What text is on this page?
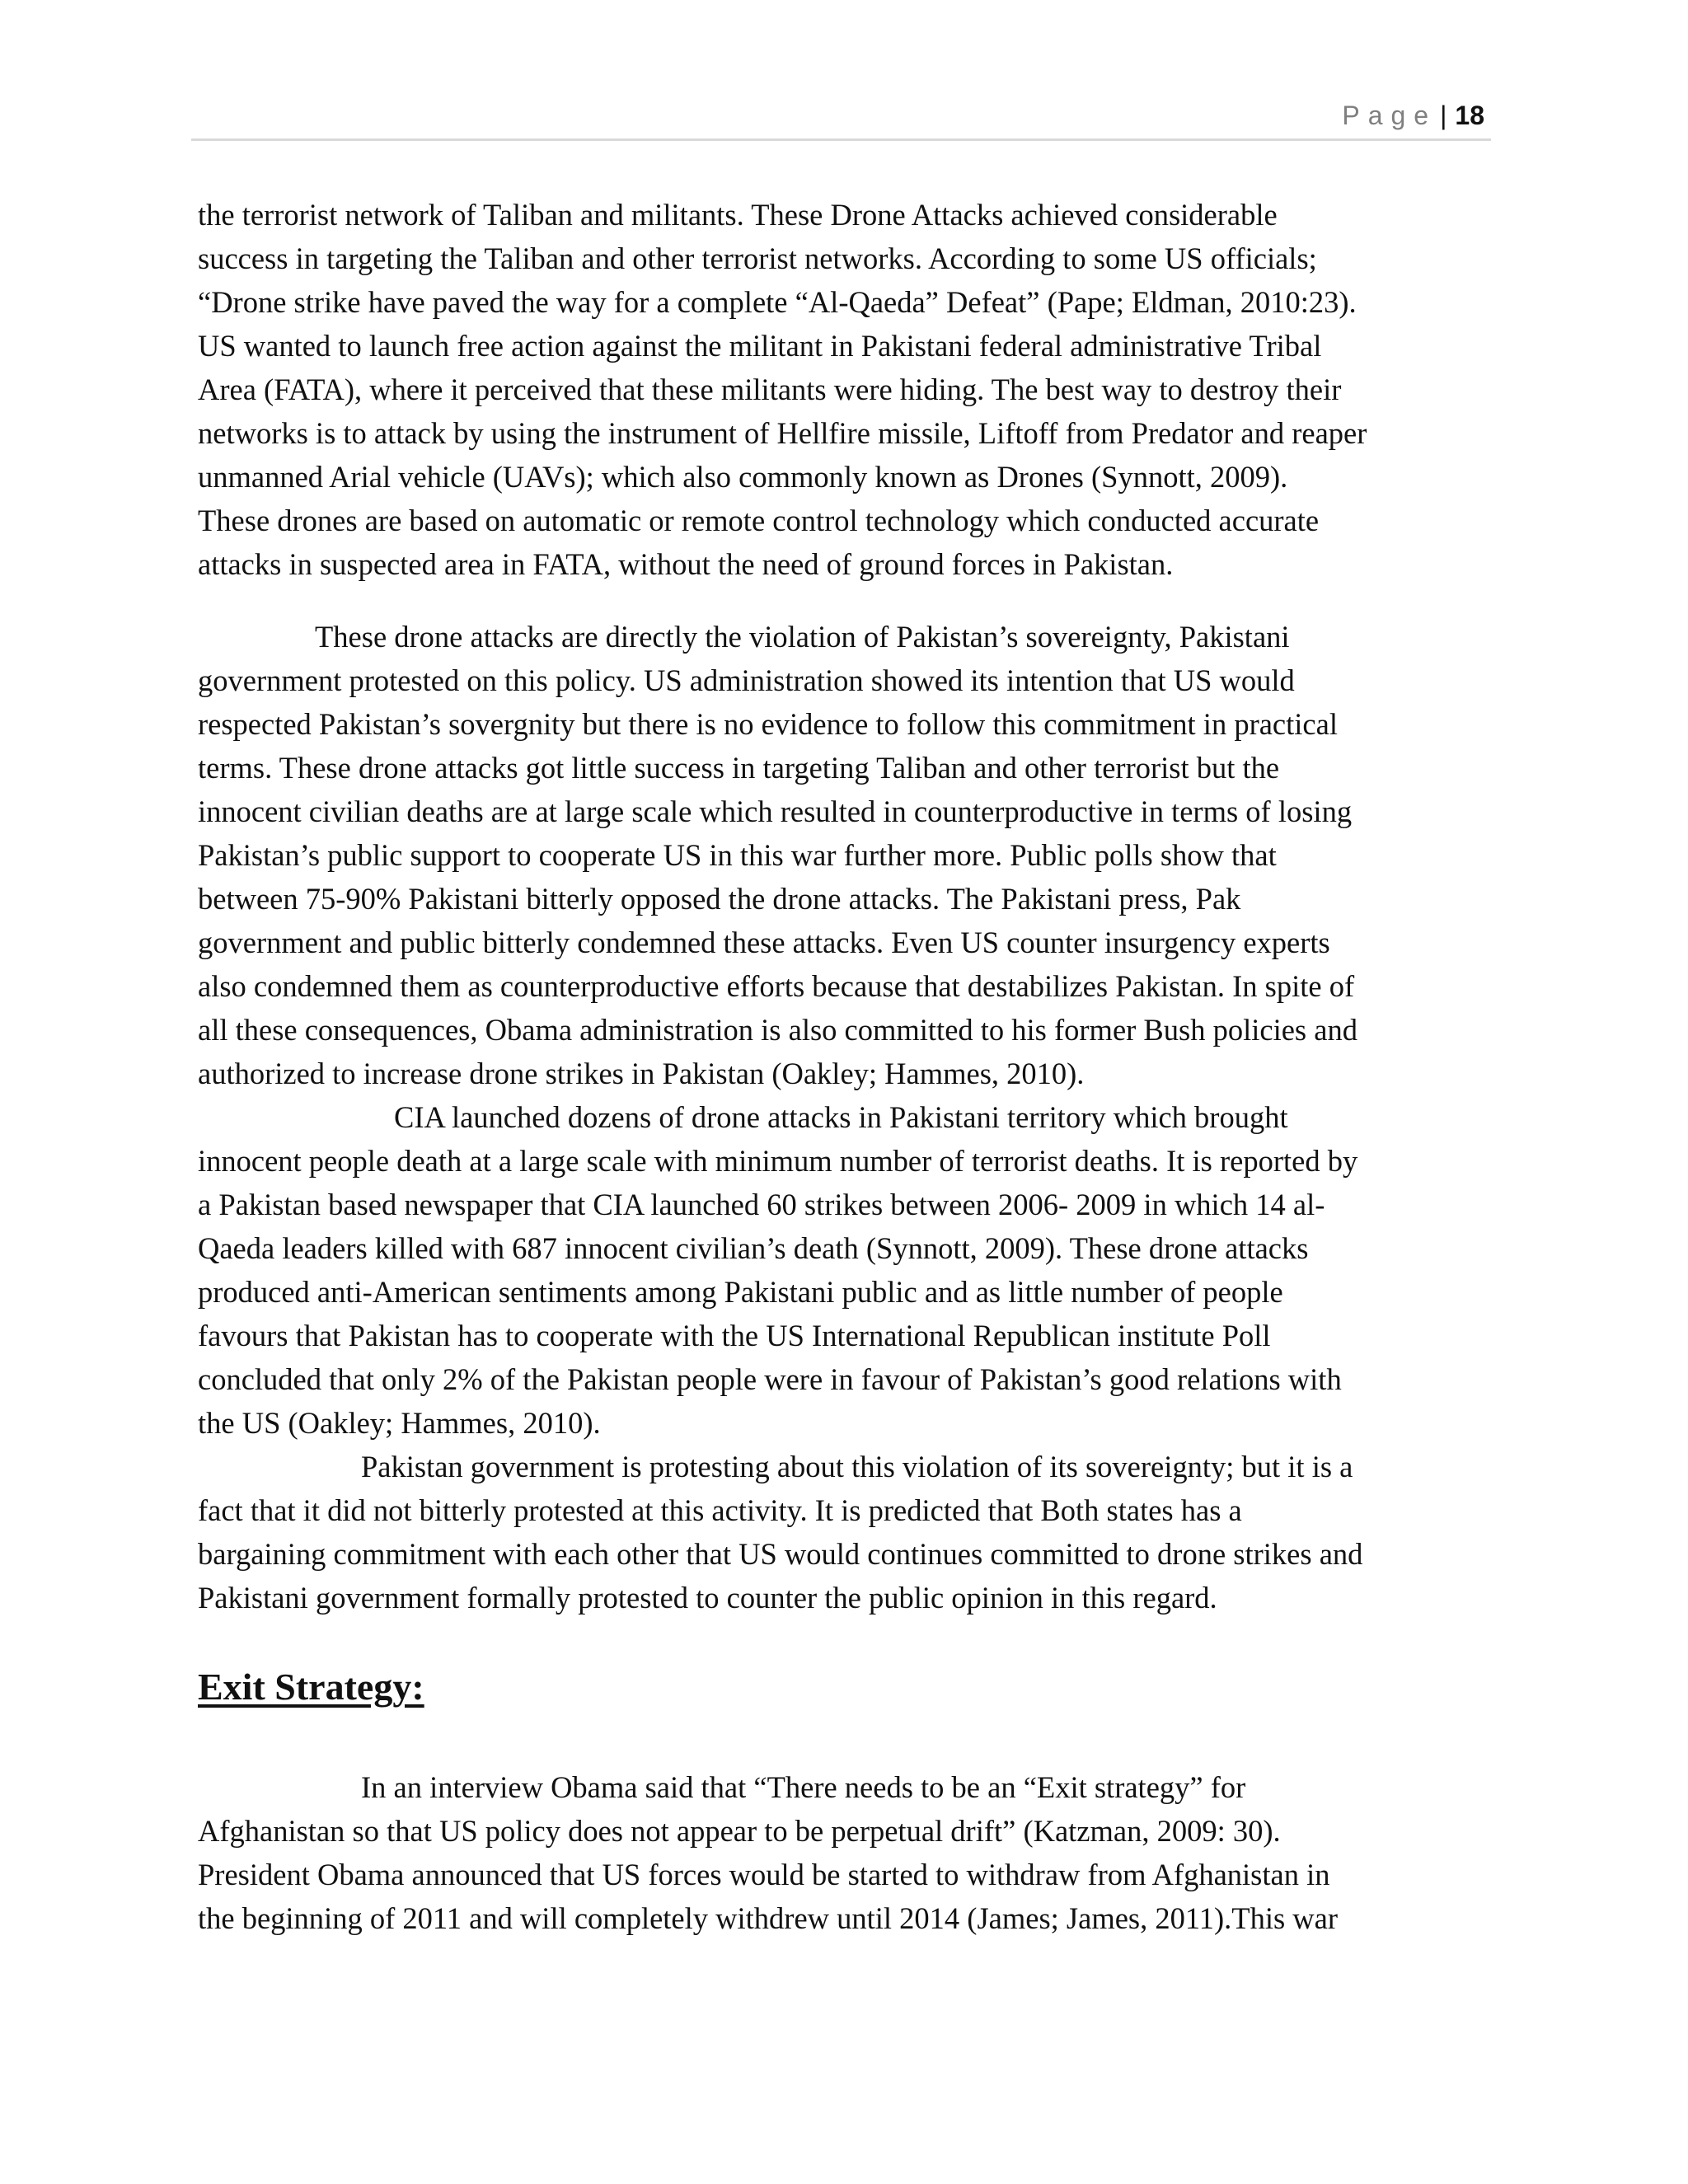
Page | 18
the terrorist network of Taliban and militants. These Drone Attacks achieved considerable
success in targeting the Taliban and other terrorist networks. According to some US officials;
“Drone strike have paved the way for a complete “Al-Qaeda” Defeat” (Pape; Eldman, 2010:23).
US wanted to launch free action against the militant in Pakistani federal administrative Tribal
Area (FATA), where it perceived that these militants were hiding. The best way to destroy their
networks is to attack by using the instrument of Hellfire missile, Liftoff from Predator and reaper
unmanned Arial vehicle (UAVs); which also commonly known as Drones (Synnott, 2009).
These drones are based on automatic or remote control technology which conducted accurate
attacks in suspected area in FATA, without the need of ground forces in Pakistan.
These drone attacks are directly the violation of Pakistan’s sovereignty, Pakistani
government protested on this policy. US administration showed its intention that US would
respected Pakistan’s sovergnity but there is no evidence to follow this commitment in practical
terms. These drone attacks got little success in targeting Taliban and other terrorist but the
innocent civilian deaths are at large scale which resulted in counterproductive in terms of losing
Pakistan’s public support to cooperate US in this war further more. Public polls show that
between 75-90% Pakistani bitterly opposed the drone attacks. The Pakistani press, Pak
government and public bitterly condemned these attacks. Even US counter insurgency experts
also condemned them as counterproductive efforts because that destabilizes Pakistan. In spite of
all these consequences, Obama administration is also committed to his former Bush policies and
authorized to increase drone strikes in Pakistan (Oakley; Hammes, 2010).
CIA launched dozens of drone attacks in Pakistani territory which brought
innocent people death at a large scale with minimum number of terrorist deaths. It is reported by
a Pakistan based newspaper that CIA launched 60 strikes between 2006- 2009 in which 14 al-
Qaeda leaders killed with 687 innocent civilian’s death (Synnott, 2009). These drone attacks
produced anti-American sentiments among Pakistani public and as little number of people
favours that Pakistan has to cooperate with the US International Republican institute Poll
concluded that only 2% of the Pakistan people were in favour of Pakistan’s good relations with
the US (Oakley; Hammes, 2010).
Pakistan government is protesting about this violation of its sovereignty; but it is a
fact that it did not bitterly protested at this activity. It is predicted that Both states has a
bargaining commitment with each other that US would continues committed to drone strikes and
Pakistani government formally protested to counter the public opinion in this regard.
Exit Strategy:
In an interview Obama said that “There needs to be an “Exit strategy” for
Afghanistan so that US policy does not appear to be perpetual drift” (Katzman, 2009: 30).
President Obama announced that US forces would be started to withdraw from Afghanistan in
the beginning of 2011 and will completely withdrew until 2014 (James; James, 2011).This war
